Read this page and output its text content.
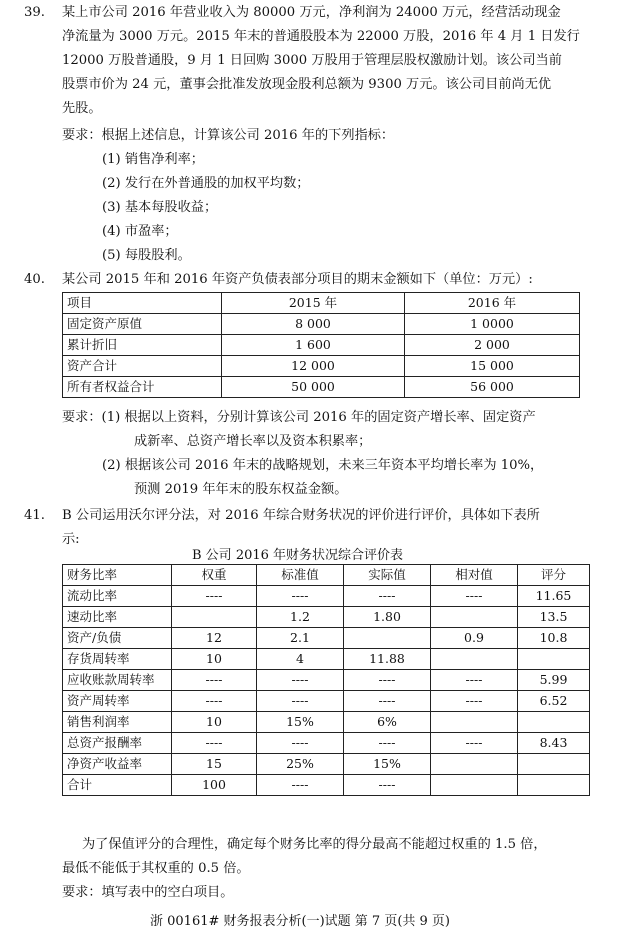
39. 某上市公司 2016 年营业收入为 80000 万元，净利润为 24000 万元，经营活动现金
净流量为 3000 万元。2015 年末的普通股股本为 22000 万股，2016 年 4 月 1 日发行
12000 万股普通股，9 月 1 日回购 3000 万股用于管理层股权激励计划。该公司当前
股票市价为 24 元，董事会批准发放现金股利总额为 9300 万元。该公司目前尚无优
先股。
要求：根据上述信息，计算该公司 2016 年的下列指标：
(1) 销售净利率；
(2) 发行在外普通股的加权平均数；
(3) 基本每股收益；
(4) 市盈率；
(5) 每股股利。
40. 某公司 2015 年和 2016 年资产负债表部分项目的期末金额如下（单位：万元）:
项目	2015 年	2016 年
固定资产原值	8 000	1 0000
累计折旧	1 600	2 000
资产合计	12 000	15 000
所有者权益合计	50 000	56 000
要求：(1) 根据以上资料，分别计算该公司 2016 年的固定资产增长率、固定资产
成新率、总资产增长率以及资本积累率；
(2) 根据该公司 2016 年末的战略规划，未来三年资本平均增长率为 10%，
预测 2019 年年末的股东权益金额。
41. B 公司运用沃尔评分法，对 2016 年综合财务状况的评价进行评价，具体如下表所
示:
B 公司 2016 年财务状况综合评价表
财务比率	权重	标准值	实际值	相对值	评分
流动比率	----	----	----	----	11.65
速动比率		1.2	1.80		13.5
资产/负债	12	2.1		0.9	10.8
存货周转率	10	4	11.88		
应收账款周转率	----	----	----	----	5.99
资产周转率	----	----	----	----	6.52
销售利润率	10	15%	6%		
总资产报酬率	----	----	----	----	8.43
净资产收益率	15	25%	15%		
合计	100	----	----		
为了保值评分的合理性，确定每个财务比率的得分最高不能超过权重的 1.5 倍，
最低不能低于其权重的 0.5 倍。
要求：填写表中的空白项目。
浙 00161# 财务报表分析(一)试题 第 7 页(共 9 页)
